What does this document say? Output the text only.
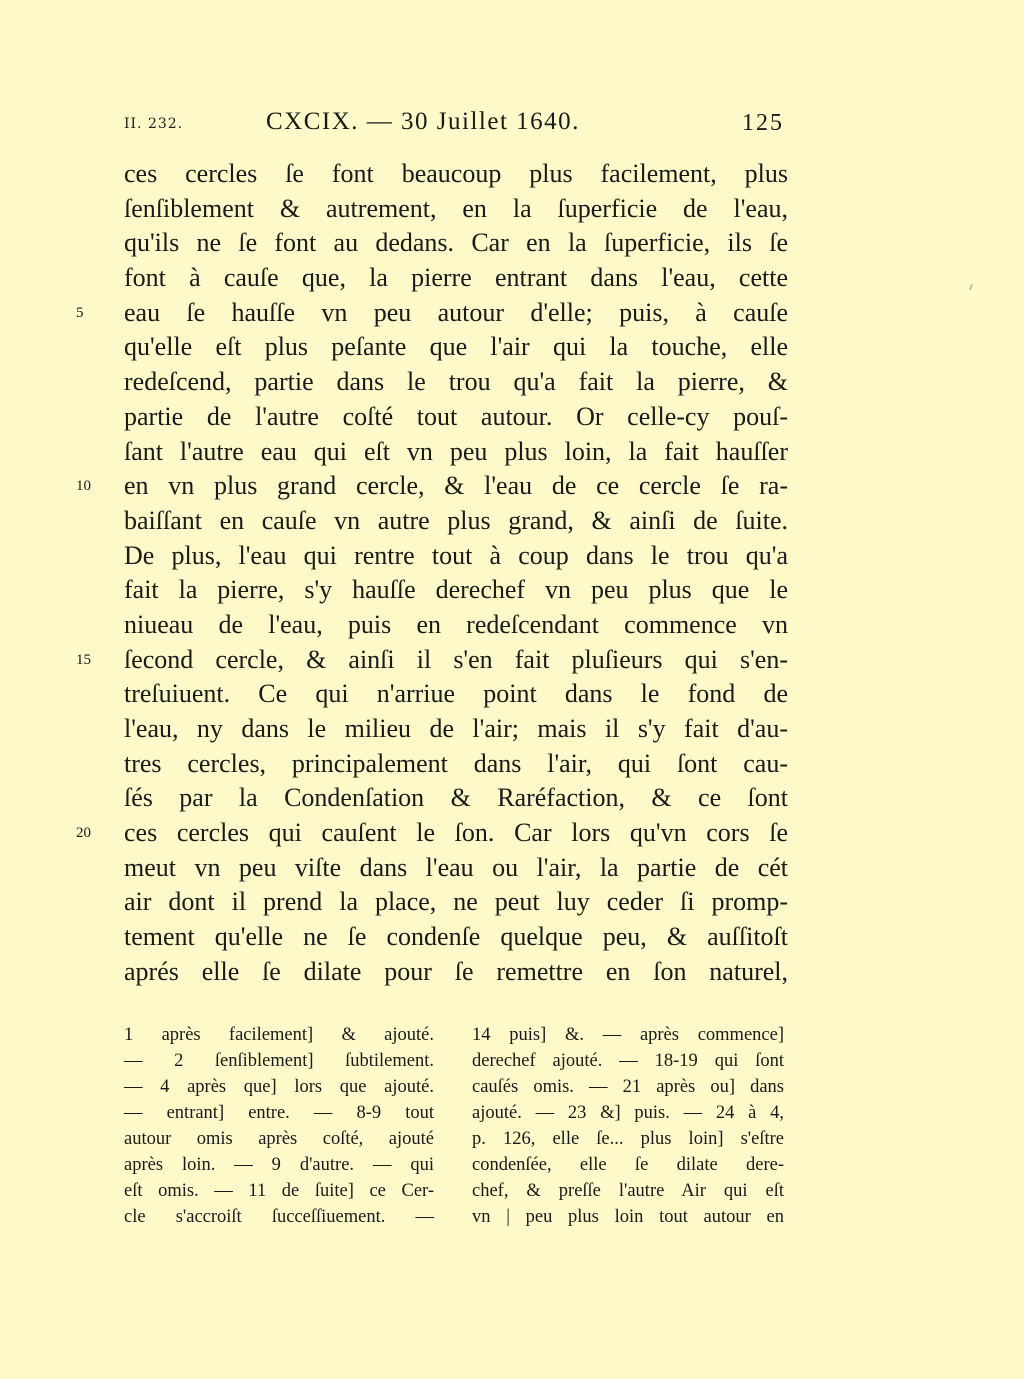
II. 232.	CXCIX. — 30 Juillet 1640.	125
ces cercles ſe font beaucoup plus facilement, plus
ſenſiblement & autrement, en la ſuperficie de l'eau,
qu'ils ne ſe font au dedans. Car en la ſuperficie, ils ſe
font à cauſe que, la pierre entrant dans l'eau, cette
5	eau ſe hauſſe vn peu autour d'elle; puis, à cauſe
qu'elle eſt plus peſante que l'air qui la touche, elle
redeſcend, partie dans le trou qu'a fait la pierre, &
partie de l'autre coſté tout autour. Or celle-cy pouſ-
ſant l'autre eau qui eſt vn peu plus loin, la fait hauſſer
10	en vn plus grand cercle, & l'eau de ce cercle ſe ra-
baiſſant en cauſe vn autre plus grand, & ainſi de ſuite.
De plus, l'eau qui rentre tout à coup dans le trou qu'a
fait la pierre, s'y hauſſe derechef vn peu plus que le
niueau de l'eau, puis en redeſcendant commence vn
15	ſecond cercle, & ainſi il s'en fait pluſieurs qui s'en-
treſuiuent. Ce qui n'arriue point dans le fond de
l'eau, ny dans le milieu de l'air; mais il s'y fait d'au-
tres cercles, principalement dans l'air, qui ſont cau-
ſés par la Condenſation & Raréfaction, & ce ſont
20	ces cercles qui cauſent le ſon. Car lors qu'vn cors ſe
meut vn peu viſte dans l'eau ou l'air, la partie de cét
air dont il prend la place, ne peut luy ceder ſi promp-
tement qu'elle ne ſe condenſe quelque peu, & auſſitoſt
aprés elle ſe dilate pour ſe remettre en ſon naturel,
1 après facilement] & ajouté.
— 2 ſenſiblement] ſubtilement.
— 4 après que] lors que ajouté.
— entrant] entre. — 8-9 tout
autour omis après coſté, ajouté
après loin. — 9 d'autre. — qui
eſt omis. — 11 de ſuite] ce Cer-
cle s'accroiſt ſucceſſiuement. —
14 puis] &. — après commence]
derechef ajouté. — 18-19 qui ſont
cauſés omis. — 21 après ou] dans
ajouté. — 23 &] puis. — 24 à 4,
p. 126, elle ſe... plus loin] s'eſtre
condenſée, elle ſe dilate dere-
chef, & preſſe l'autre Air qui eſt
vn | peu plus loin tout autour en
